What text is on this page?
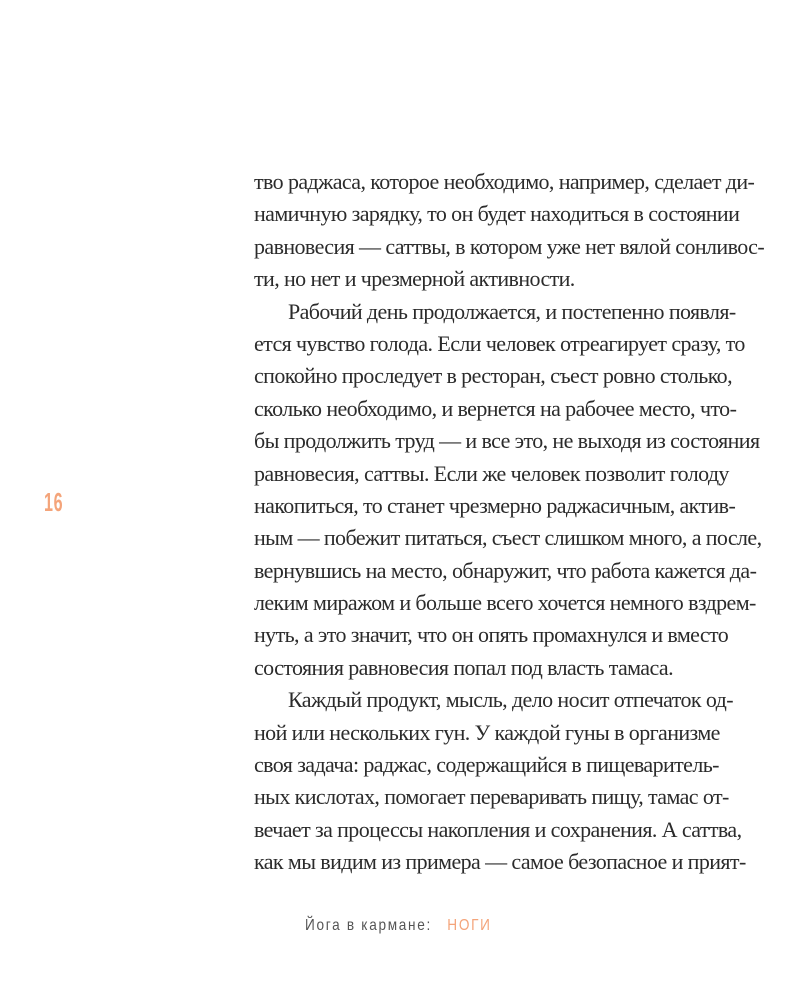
16
тво раджаса, которое необходимо, например, сделает ди-
намичную зарядку, то он будет находиться в состоянии
равновесия — саттвы, в котором уже нет вялой сонливос-
ти, но нет и чрезмерной активности.
Рабочий день продолжается, и постепенно появля-
ется чувство голода. Если человек отреагирует сразу, то
спокойно проследует в ресторан, съест ровно столько,
сколько необходимо, и вернется на рабочее место, что-
бы продолжить труд — и все это, не выходя из состояния
равновесия, саттвы. Если же человек позволит голоду
накопиться, то станет чрезмерно раджасичным, актив-
ным — побежит питаться, съест слишком много, а после,
вернувшись на место, обнаружит, что работа кажется да-
леким миражом и больше всего хочется немного вздрем-
нуть, а это значит, что он опять промахнулся и вместо
состояния равновесия попал под власть тамаса.
Каждый продукт, мысль, дело носит отпечаток од-
ной или нескольких гун. У каждой гуны в организме
своя задача: раджас, содержащийся в пищеваритель-
ных кислотах, помогает переваривать пищу, тамас от-
вечает за процессы накопления и сохранения. А саттва,
как мы видим из примера — самое безопасное и прият-
Йога в кармане: НОГИ
